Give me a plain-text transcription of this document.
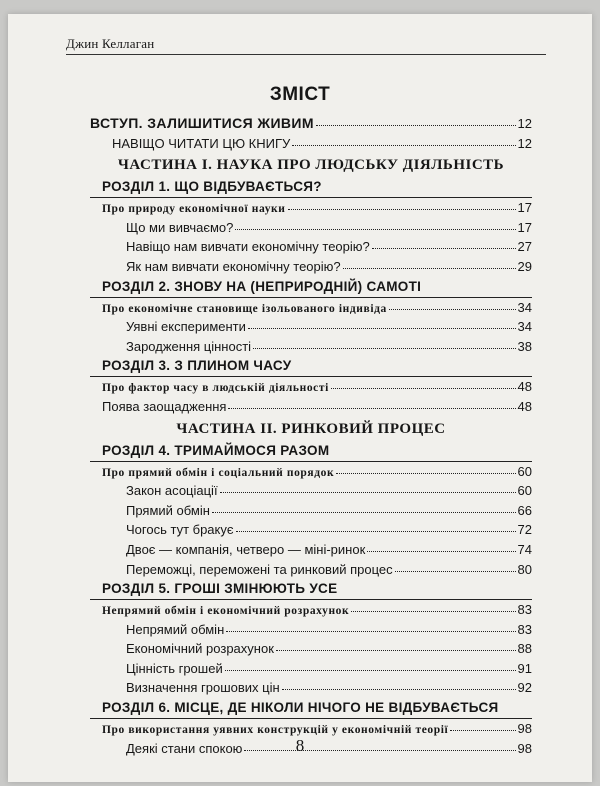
Джин Келлаган
ЗМІСТ
ВСТУП. ЗАЛИШИТИСЯ ЖИВИМ	12
НАВІЩО ЧИТАТИ ЦЮ КНИГУ	12
ЧАСТИНА І. НАУКА ПРО ЛЮДСЬКУ ДІЯЛЬНІСТЬ
РОЗДІЛ 1. ЩО ВІДБУВАЄТЬСЯ?
Про природу економічної науки	17
Що ми вивчаємо?	17
Навіщо нам вивчати економічну теорію?	27
Як нам вивчати економічну теорію?	29
РОЗДІЛ 2. ЗНОВУ НА (НЕПРИРОДНІЙ) САМОТІ
Про економічне становище ізольованого індивіда	34
Уявні експерименти	34
Зародження цінності	38
РОЗДІЛ 3. З ПЛИНОМ ЧАСУ
Про фактор часу в людській діяльності	48
Поява заощадження	48
ЧАСТИНА ІІ. РИНКОВИЙ ПРОЦЕС
РОЗДІЛ 4. ТРИМАЙМОСЯ РАЗОМ
Про прямий обмін і соціальний порядок	60
Закон асоціації	60
Прямий обмін	66
Чогось тут бракує	72
Двоє — компанія, четверо — міні-ринок	74
Переможці, переможені та ринковий процес	80
РОЗДІЛ 5. ГРОШІ ЗМІНЮЮТЬ УСЕ
Непрямий обмін і економічний розрахунок	83
Непрямий обмін	83
Економічний розрахунок	88
Цінність грошей	91
Визначення грошових цін	92
РОЗДІЛ 6. МІСЦЕ, ДЕ НІКОЛИ НІЧОГО НЕ ВІДБУВАЄТЬСЯ
Про використання уявних конструкцій у економічній теорії	98
Деякі стани спокою	98
8
